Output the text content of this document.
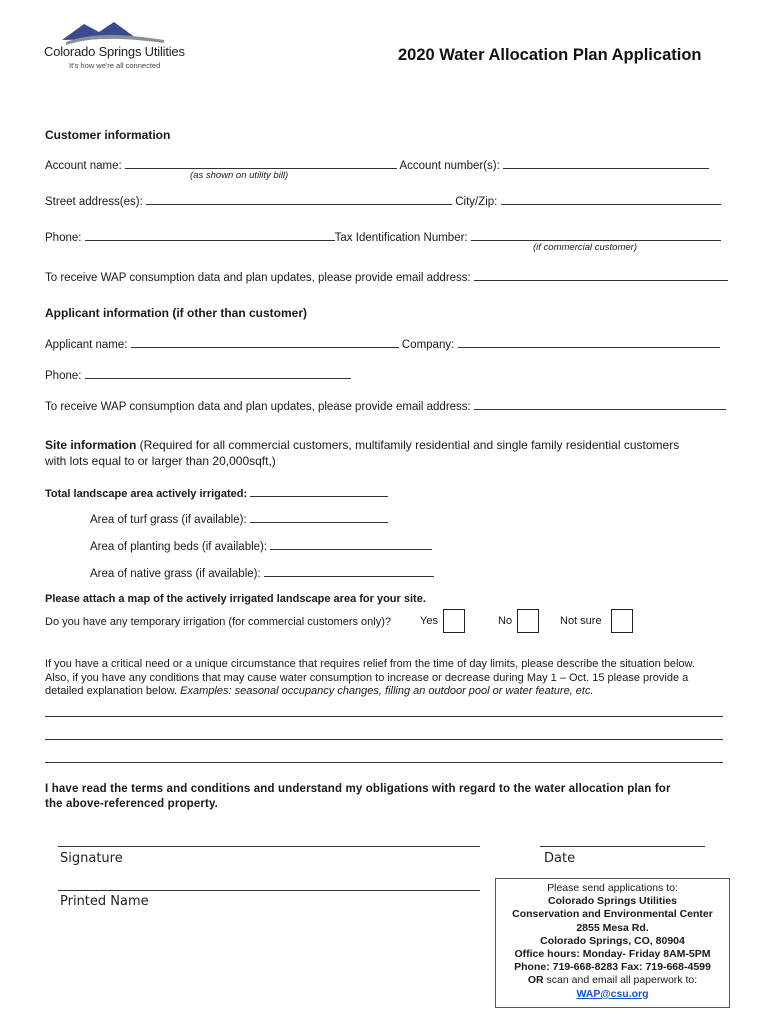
Colorado Springs Utilities
It's how we're all connected
2020 Water Allocation Plan Application
Customer information
Account name:	Account number(s):
(as shown on utility bill)
Street address(es):	City/Zip:
Phone:	Tax Identification Number:
(if commercial customer)
To receive WAP consumption data and plan updates, please provide email address:
Applicant information (if other than customer)
Applicant name:	Company:
Phone:
To receive WAP consumption data and plan updates, please provide email address:
Site information (Required for all commercial customers, multifamily residential and single family residential customers
with lots equal to or larger than 20,000sqft,)
Total landscape area actively irrigated:
Area of turf grass (if available):
Area of planting beds (if available):
Area of native grass (if available):
Please attach a map of the actively irrigated landscape area for your site.
Do you have any temporary irrigation (for commercial customers only)?	Yes	No	Not sure
If you have a critical need or a unique circumstance that requires relief from the time of day limits, please describe the situation below.
Also, if you have any conditions that may cause water consumption to increase or decrease during May 1 – Oct. 15 please provide a
detailed explanation below. Examples: seasonal occupancy changes, filling an outdoor pool or water feature, etc.
I have read the terms and conditions and understand my obligations with regard to the water allocation plan for
the above-referenced property.
Signature	Date
Printed Name
Please send applications to:
Colorado Springs Utilities
Conservation and Environmental Center
2855 Mesa Rd.
Colorado Springs, CO, 80904
Office hours: Monday- Friday 8AM-5PM
Phone: 719-668-8283 Fax: 719-668-4599
OR scan and email all paperwork to:
WAP@csu.org
